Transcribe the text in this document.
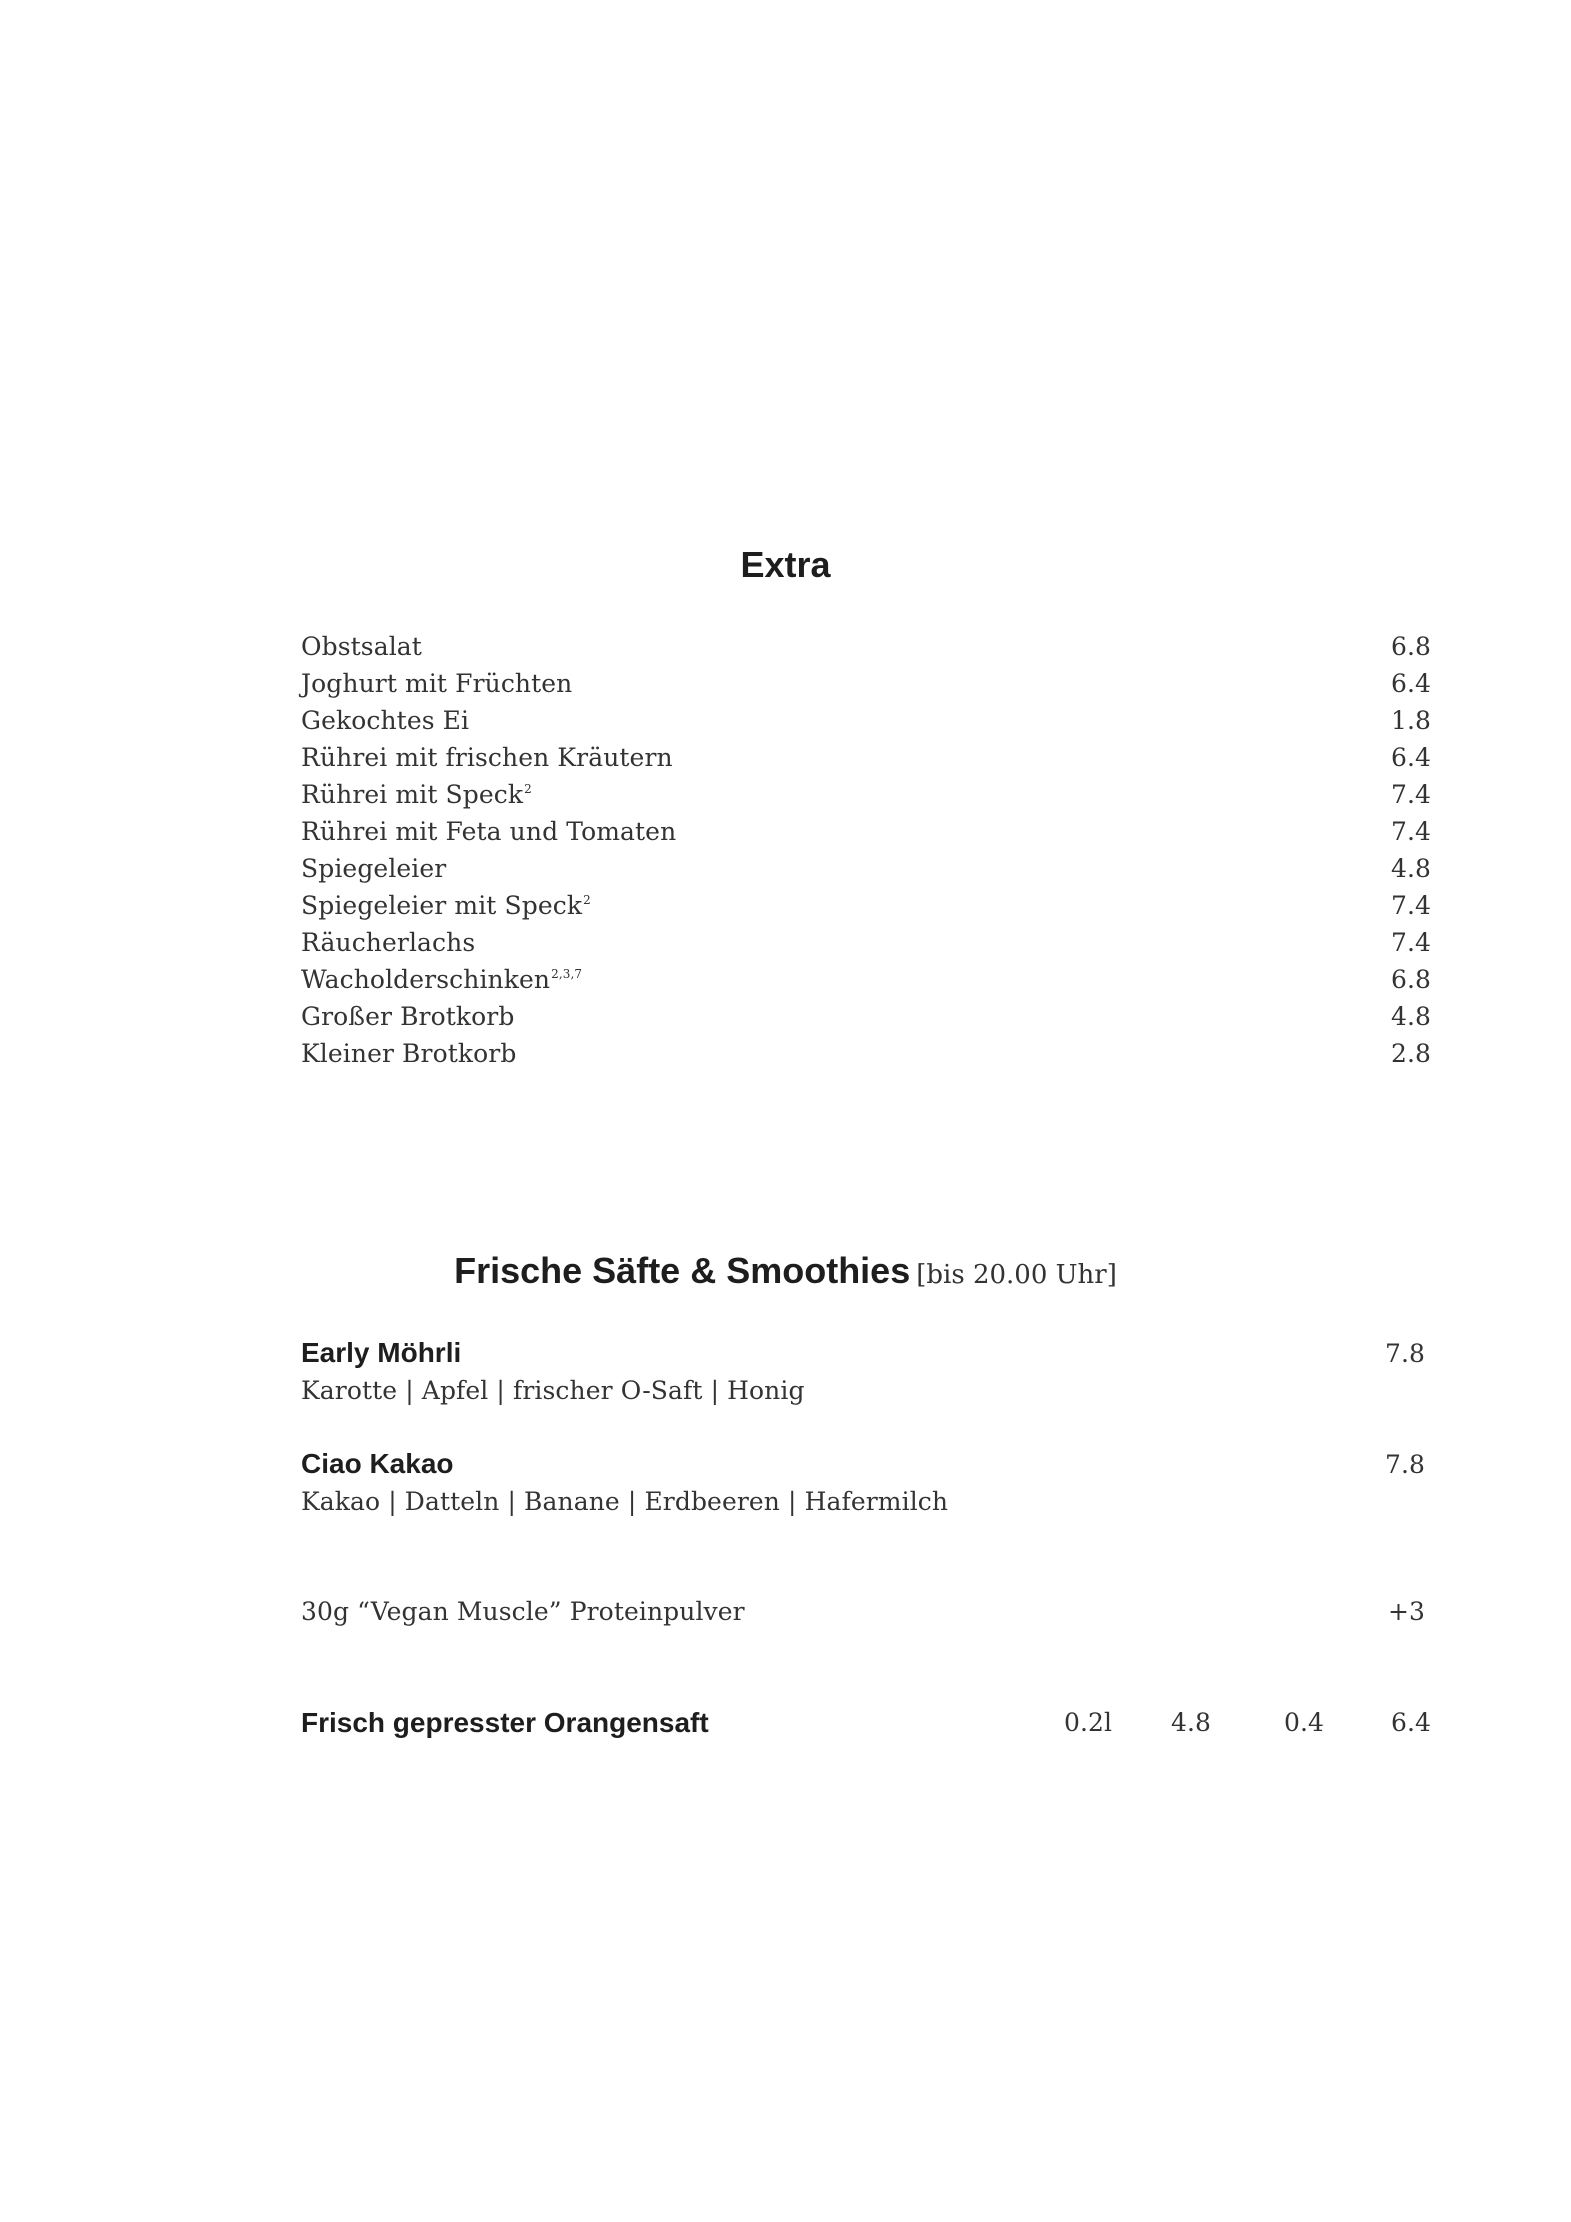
Extra
Obstsalat	6.8
Joghurt mit Früchten	6.4
Gekochtes Ei	1.8
Rührei mit frischen Kräutern	6.4
Rührei mit Speck$^2$	7.4
Rührei mit Feta und Tomaten	7.4
Spiegeleier	4.8
Spiegeleier mit Speck$^2$	7.4
Räucherlachs	7.4
Wacholderschinken$^{2,3,7}$	6.8
Großer Brotkorb	4.8
Kleiner Brotkorb	2.8
Frische Säfte & Smoothies [bis 20.00 Uhr]
Early Möhrli	7.8
Karotte | Apfel | frischer O-Saft | Honig
Ciao Kakao	7.8
Kakao | Datteln | Banane | Erdbeeren | Hafermilch
30g “Vegan Muscle” Proteinpulver	+3
Frisch gepresster Orangensaft	0.2l 4.8	0.4	6.4
